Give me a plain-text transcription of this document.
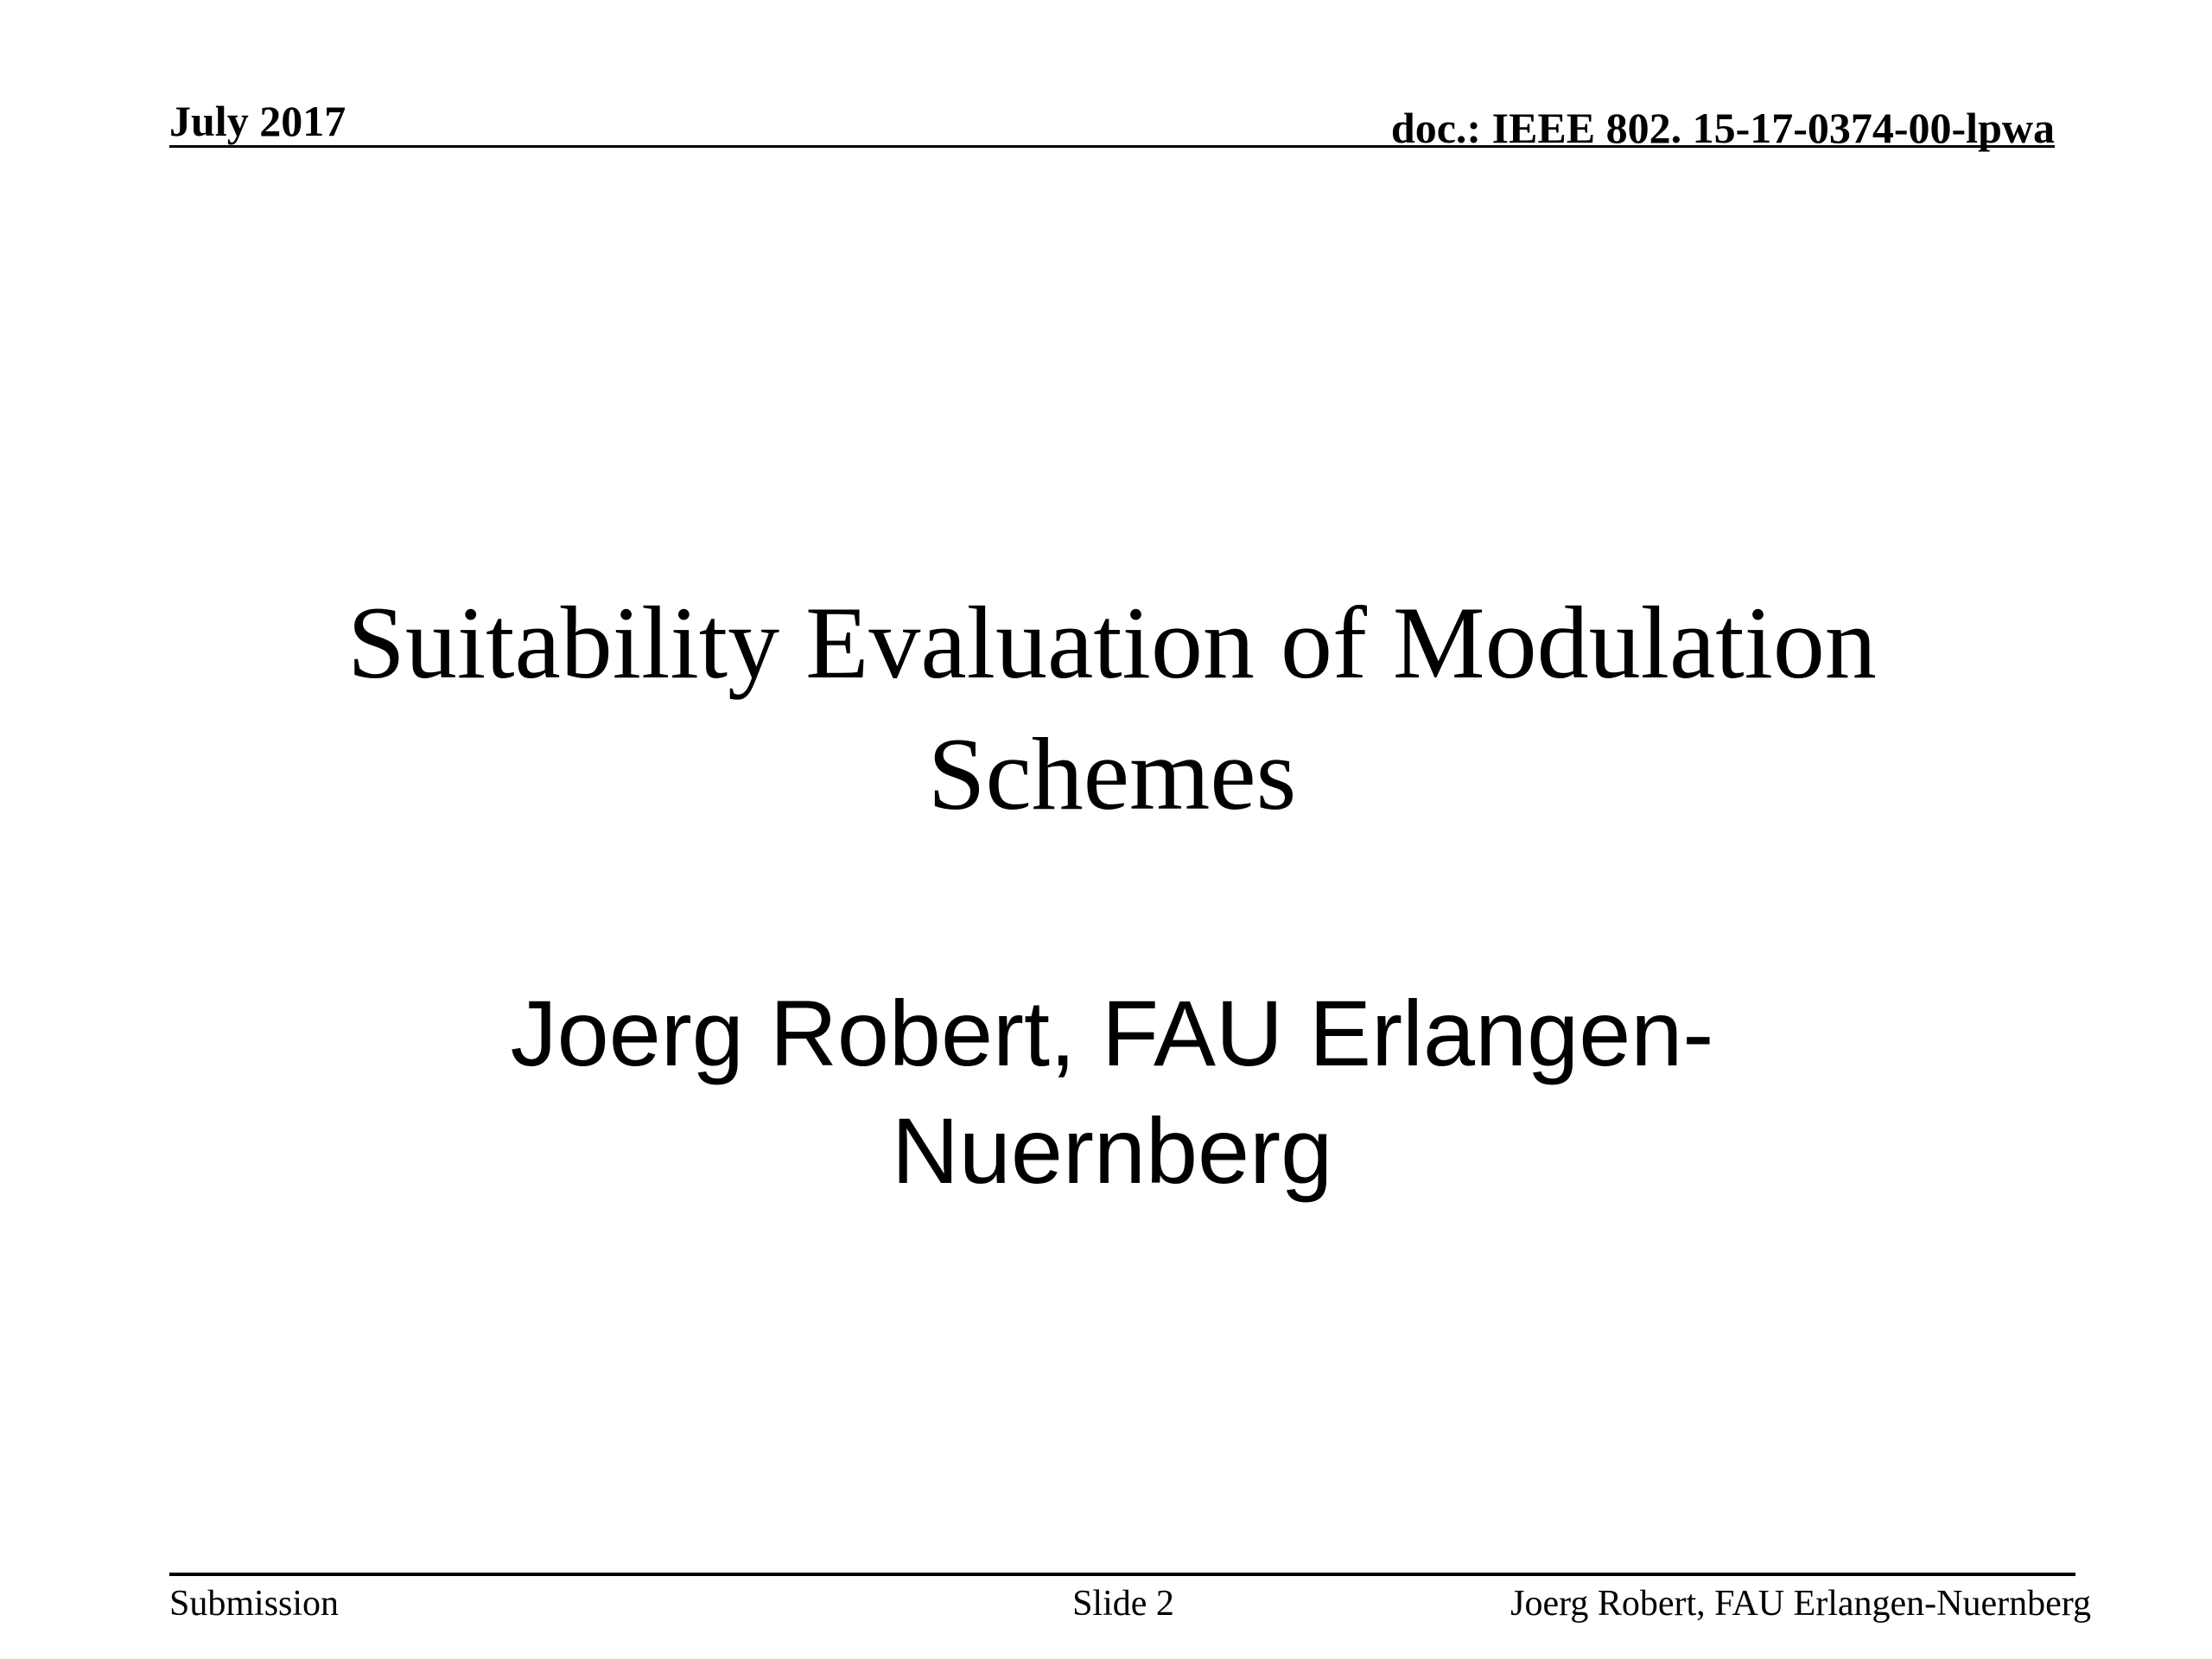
July 2017	doc.: IEEE 802. 15-17-0374-00-lpwa
Suitability Evaluation of Modulation Schemes
Joerg Robert, FAU Erlangen-Nuernberg
Submission	Slide 2	Joerg Robert, FAU Erlangen-Nuernberg
